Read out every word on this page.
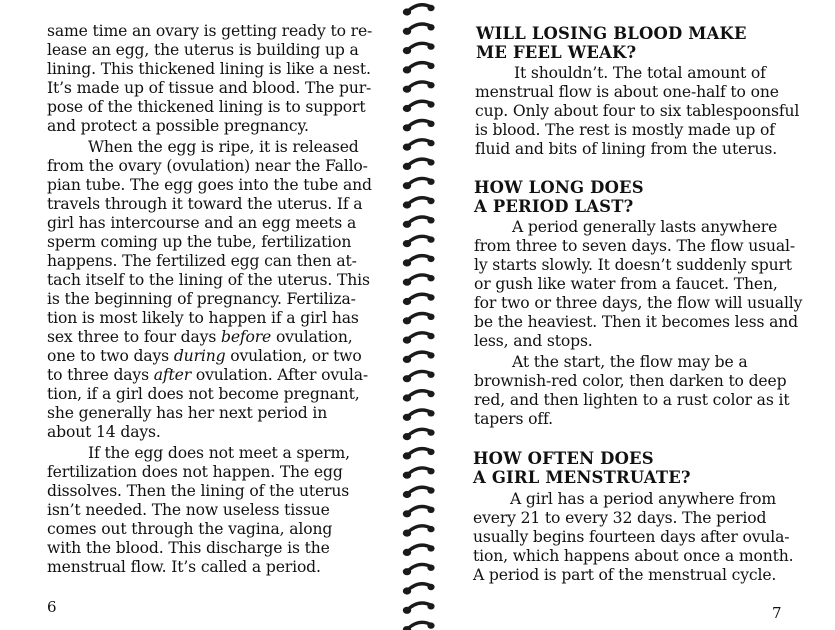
same time an ovary is getting ready to re-
lease an egg, the uterus is building up a
lining. This thickened lining is like a nest.
It’s made up of tissue and blood. The pur-
pose of the thickened lining is to support
and protect a possible pregnancy.
When the egg is ripe, it is released
from the ovary (ovulation) near the Fallo-
pian tube. The egg goes into the tube and
travels through it toward the uterus. If a
girl has intercourse and an egg meets a
sperm coming up the tube, fertilization
happens. The fertilized egg can then at-
tach itself to the lining of the uterus. This
is the beginning of pregnancy. Fertiliza-
tion is most likely to happen if a girl has
sex three to four days before ovulation,
one to two days during ovulation, or two
to three days after ovulation. After ovula-
tion, if a girl does not become pregnant,
she generally has her next period in
about 14 days.
If the egg does not meet a sperm,
fertilization does not happen. The egg
dissolves. Then the lining of the uterus
isn’t needed. The now useless tissue
comes out through the vagina, along
with the blood. This discharge is the
menstrual flow. It’s called a period.
6
WILL LOSING BLOOD MAKE
ME FEEL WEAK?
It shouldn’t. The total amount of
menstrual flow is about one-half to one
cup. Only about four to six tablespoonsful
is blood. The rest is mostly made up of
fluid and bits of lining from the uterus.
HOW LONG DOES
A PERIOD LAST?
A period generally lasts anywhere
from three to seven days. The flow usual-
ly starts slowly. It doesn’t suddenly spurt
or gush like water from a faucet. Then,
for two or three days, the flow will usually
be the heaviest. Then it becomes less and
less, and stops.
At the start, the flow may be a
brownish-red color, then darken to deep
red, and then lighten to a rust color as it
tapers off.
HOW OFTEN DOES
A GIRL MENSTRUATE?
A girl has a period anywhere from
every 21 to every 32 days. The period
usually begins fourteen days after ovula-
tion, which happens about once a month.
A period is part of the menstrual cycle.
7
